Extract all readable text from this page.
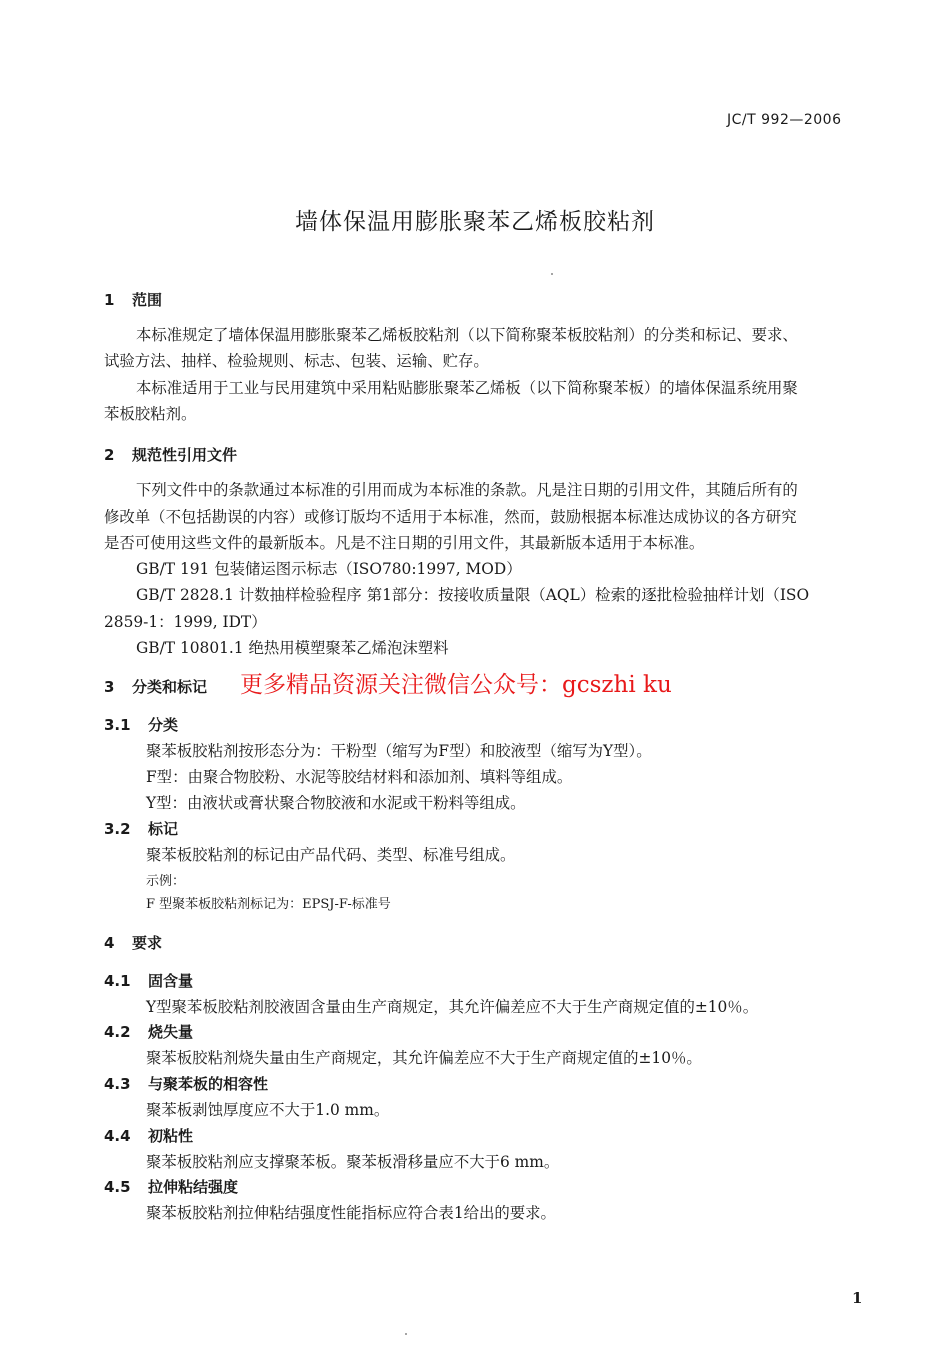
JC/T 992—2006
墙体保温用膨胀聚苯乙烯板胶粘剂
1 范围
本标准规定了墙体保温用膨胀聚苯乙烯板胶粘剂（以下简称聚苯板胶粘剂）的分类和标记、要求、
试验方法、抽样、检验规则、标志、包装、运输、贮存。
本标准适用于工业与民用建筑中采用粘贴膨胀聚苯乙烯板（以下简称聚苯板）的墙体保温系统用聚
苯板胶粘剂。
2 规范性引用文件
下列文件中的条款通过本标准的引用而成为本标准的条款。凡是注日期的引用文件，其随后所有的
修改单（不包括勘误的内容）或修订版均不适用于本标准，然而，鼓励根据本标准达成协议的各方研究
是否可使用这些文件的最新版本。凡是不注日期的引用文件，其最新版本适用于本标准。
GB/T 191 包装储运图示标志（ISO780:1997, MOD）
GB/T 2828.1 计数抽样检验程序 第1部分：按接收质量限（AQL）检索的逐批检验抽样计划（ISO
2859-1：1999, IDT）
GB/T 10801.1 绝热用模塑聚苯乙烯泡沫塑料
3 分类和标记 更多精品资源关注微信公众号：gcszhi ku
3.1 分类
聚苯板胶粘剂按形态分为：干粉型（缩写为F型）和胶液型（缩写为Y型）。
F型：由聚合物胶粉、水泥等胶结材料和添加剂、填料等组成。
Y型：由液状或膏状聚合物胶液和水泥或干粉料等组成。
3.2 标记
聚苯板胶粘剂的标记由产品代码、类型、标准号组成。
示例：
F 型聚苯板胶粘剂标记为：EPSJ-F-标准号
4 要求
4.1 固含量
Y型聚苯板胶粘剂胶液固含量由生产商规定，其允许偏差应不大于生产商规定值的±10％。
4.2 烧失量
聚苯板胶粘剂烧失量由生产商规定，其允许偏差应不大于生产商规定值的±10％。
4.3 与聚苯板的相容性
聚苯板剥蚀厚度应不大于1.0 mm。
4.4 初粘性
聚苯板胶粘剂应支撑聚苯板。聚苯板滑移量应不大于6 mm。
4.5 拉伸粘结强度
聚苯板胶粘剂拉伸粘结强度性能指标应符合表1给出的要求。
1
